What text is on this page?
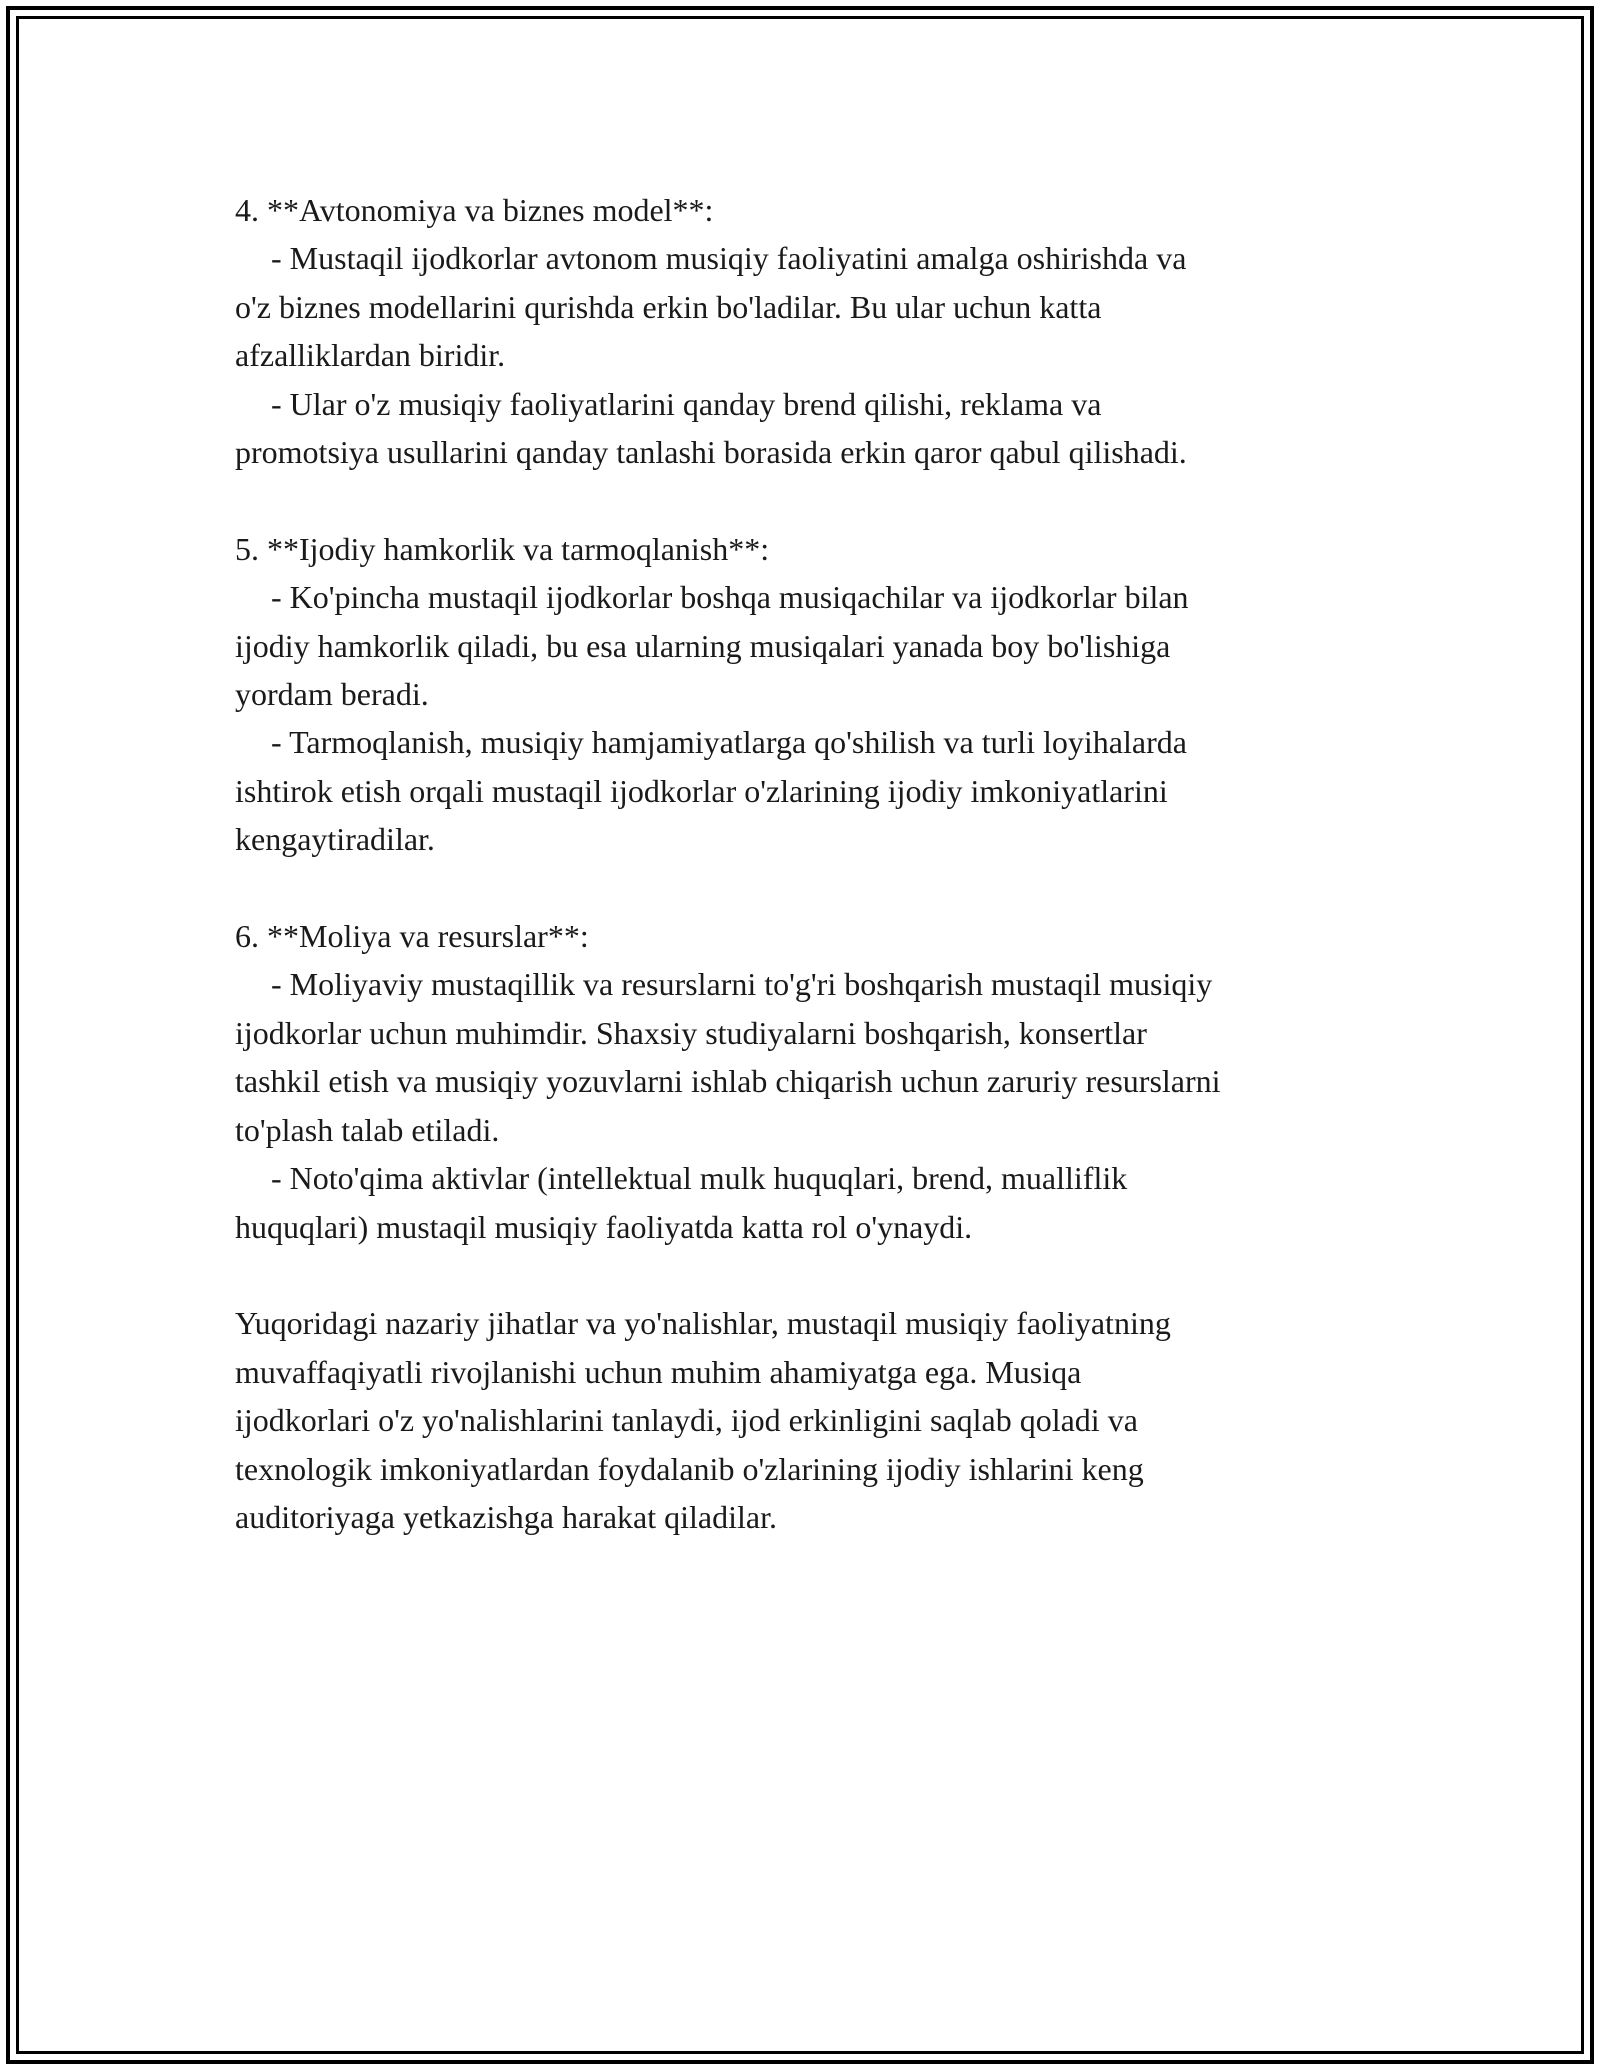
4. **Avtonomiya va biznes model**:
- Mustaqil ijodkorlar avtonom musiqiy faoliyatini amalga oshirishda va
o'z biznes modellarini qurishda erkin bo'ladilar. Bu ular uchun katta
afzalliklardan biridir.
- Ular o'z musiqiy faoliyatlarini qanday brend qilishi, reklama va
promotsiya usullarini qanday tanlashi borasida erkin qaror qabul qilishadi.
5. **Ijodiy hamkorlik va tarmoqlanish**:
- Ko'pincha mustaqil ijodkorlar boshqa musiqachilar va ijodkorlar bilan
ijodiy hamkorlik qiladi, bu esa ularning musiqalari yanada boy bo'lishiga
yordam beradi.
- Tarmoqlanish, musiqiy hamjamiyatlarga qo'shilish va turli loyihalarda
ishtirok etish orqali mustaqil ijodkorlar o'zlarining ijodiy imkoniyatlarini
kengaytiradilar.
6. **Moliya va resurslar**:
- Moliyaviy mustaqillik va resurslarni to'g'ri boshqarish mustaqil musiqiy
ijodkorlar uchun muhimdir. Shaxsiy studiyalarni boshqarish, konsertlar
tashkil etish va musiqiy yozuvlarni ishlab chiqarish uchun zaruriy resurslarni
to'plash talab etiladi.
- Noto'qima aktivlar (intellektual mulk huquqlari, brend, mualliflik
huquqlari) mustaqil musiqiy faoliyatda katta rol o'ynaydi.
Yuqoridagi nazariy jihatlar va yo'nalishlar, mustaqil musiqiy faoliyatning
muvaffaqiyatli rivojlanishi uchun muhim ahamiyatga ega. Musiqa
ijodkorlari o'z yo'nalishlarini tanlaydi, ijod erkinligini saqlab qoladi va
texnologik imkoniyatlardan foydalanib o'zlarining ijodiy ishlarini keng
auditoriyaga yetkazishga harakat qiladilar.
